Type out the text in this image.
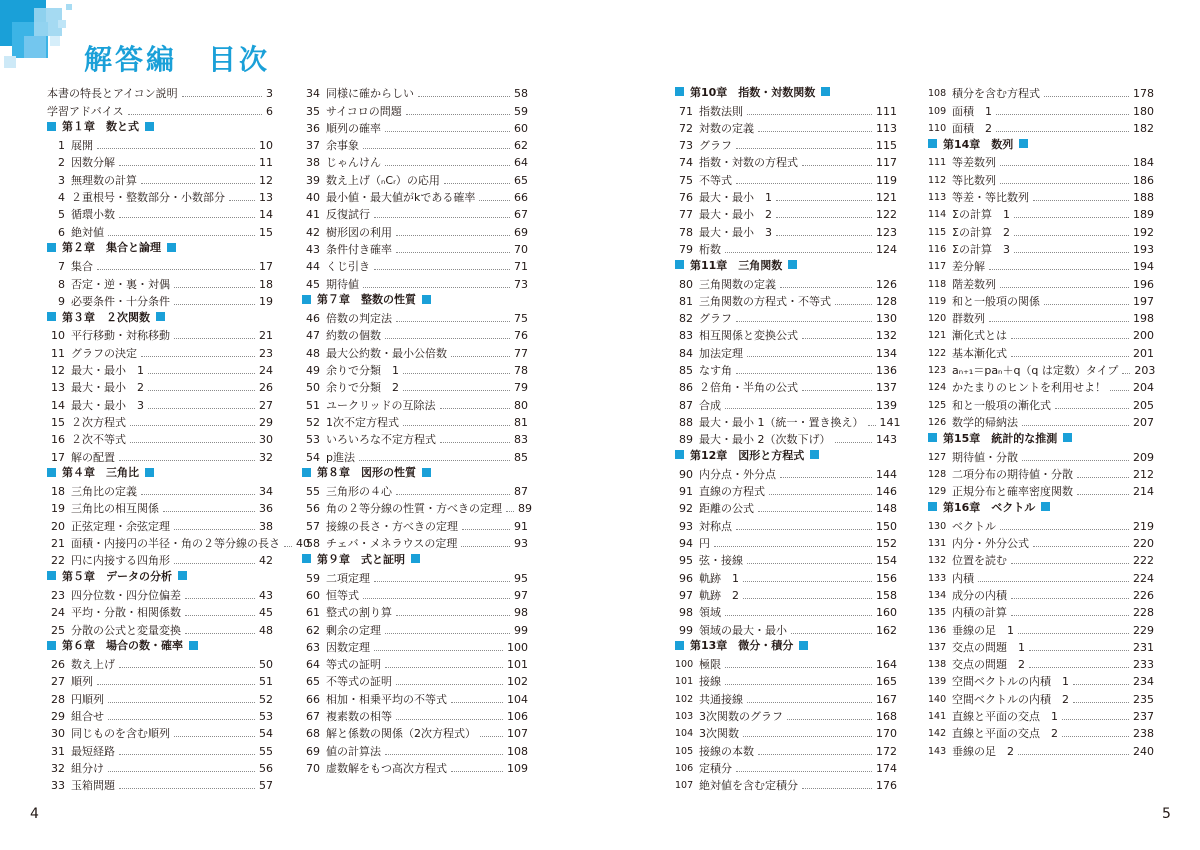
解答編　目次
本書の特長とアイコン説明	3
学習アドバイス	6
第１章　数と式
1 展開	10
2 因数分解	11
3 無理数の計算	12
4 ２重根号・整数部分・小数部分	13
5 循環小数	14
6 絶対値	15
第２章　集合と論理
7 集合	17
8 否定・逆・裏・対偶	18
9 必要条件・十分条件	19
第３章　２次関数
10 平行移動・対称移動	21
11 グラフの決定	23
12 最大・最小　1	24
13 最大・最小　2	26
14 最大・最小　3	27
15 ２次方程式	29
16 ２次不等式	30
17 解の配置	32
第４章　三角比
18 三角比の定義	34
19 三角比の相互関係	36
20 正弦定理・余弦定理	38
21 面積・内接円の半径・角の２等分線の長さ 40
22 円に内接する四角形	42
第５章　データの分析
23 四分位数・四分位偏差	43
24 平均・分散・相関係数	45
25 分散の公式と変量変換	48
第６章　場合の数・確率
26 数え上げ	50
27 順列	51
28 円順列	52
29 組合せ	53
30 同じものを含む順列	54
31 最短経路	55
32 組分け	56
33 玉箱問題	57
34 同様に確からしい	58
35 サイコロの問題	59
36 順列の確率	60
37 余事象	62
38 じゃんけん	64
39 数え上げ（ₙCᵣ）の応用	65
40 最小値・最大値がkである確率	66
41 反復試行	67
42 樹形図の利用	69
43 条件付き確率	70
44 くじ引き	71
45 期待値	73
第７章　整数の性質
46 倍数の判定法	75
47 約数の個数	76
48 最大公約数・最小公倍数	77
49 余りで分類　1	78
50 余りで分類　2	79
51 ユークリッドの互除法	80
52 1次不定方程式	81
53 いろいろな不定方程式	83
54 p進法	85
第８章　図形の性質
55 三角形の４心	87
56 角の２等分線の性質・方べきの定理 89
57 接線の長さ・方べきの定理	91
58 チェバ・メネラウスの定理	93
第９章　式と証明
59 二項定理	95
60 恒等式	97
61 整式の割り算	98
62 剰余の定理	99
63 因数定理	100
64 等式の証明	101
65 不等式の証明	102
66 相加・相乗平均の不等式	104
67 複素数の相等	106
68 解と係数の関係（2次方程式）	107
69 値の計算法	108
70 虚数解をもつ高次方程式	109
第10章　指数・対数関数
71 指数法則	111
72 対数の定義	113
73 グラフ	115
74 指数・対数の方程式	117
75 不等式	119
76 最大・最小　1	121
77 最大・最小　2	122
78 最大・最小　3	123
79 桁数	124
第11章　三角関数
80 三角関数の定義	126
81 三角関数の方程式・不等式	128
82 グラフ	130
83 相互関係と変換公式	132
84 加法定理	134
85 なす角	136
86 ２倍角・半角の公式	137
87 合成	139
88 最大・最小 1（統一・置き換え） 141
89 最大・最小 2（次数下げ）	143
第12章　図形と方程式
90 内分点・外分点	144
91 直線の方程式	146
92 距離の公式	148
93 対称点	150
94 円	152
95 弦・接線	154
96 軌跡　1	156
97 軌跡　2	158
98 領域	160
99 領域の最大・最小	162
第13章　微分・積分
100 極限	164
101 接線	165
102 共通接線	167
103 3次関数のグラフ	168
104 3次関数	170
105 接線の本数	172
106 定積分	174
107 絶対値を含む定積分	176
108 積分を含む方程式	178
109 面積　1	180
110 面積　2	182
第14章　数列
111 等差数列	184
112 等比数列	186
113 等差・等比数列	188
114 Σの計算　1	189
115 Σの計算　2	192
116 Σの計算　3	193
117 差分解	194
118 階差数列	196
119 和と一般項の関係	197
120 群数列	198
121 漸化式とは	200
122 基本漸化式	201
123 aₙ₊₁＝paₙ＋q（q は定数）タイプ 203
124 かたまりのヒントを利用せよ！ 204
125 和と一般項の漸化式	205
126 数学的帰納法	207
第15章　統計的な推測
127 期待値・分散	209
128 二項分布の期待値・分散	212
129 正規分布と確率密度関数	214
第16章　ベクトル
130 ベクトル	219
131 内分・外分公式	220
132 位置を読む	222
133 内積	224
134 成分の内積	226
135 内積の計算	228
136 垂線の足　1	229
137 交点の問題　1	231
138 交点の問題　2	233
139 空間ベクトルの内積　1	234
140 空間ベクトルの内積　2	235
141 直線と平面の交点　1	237
142 直線と平面の交点　2	238
143 垂線の足　2	240
4	5
